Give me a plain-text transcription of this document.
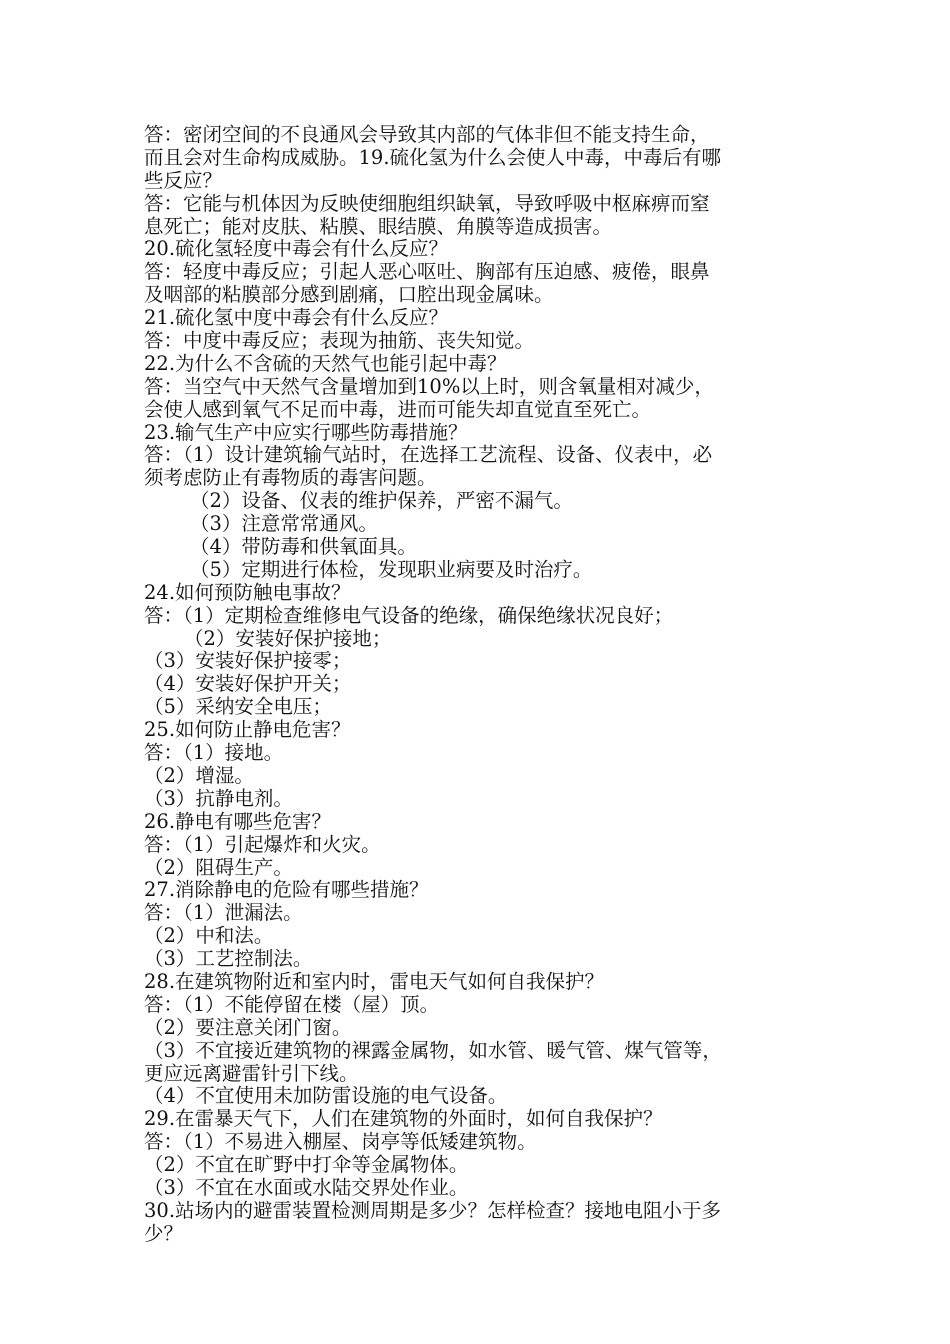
答：密闭空间的不良通风会导致其内部的气体非但不能支持生命，
而且会对生命构成威胁。19.硫化氢为什么会使人中毒，中毒后有哪
些反应？
答：它能与机体因为反映使细胞组织缺氧，导致呼吸中枢麻痹而窒
息死亡；能对皮肤、粘膜、眼结膜、角膜等造成损害。
20.硫化氢轻度中毒会有什么反应？
答：轻度中毒反应；引起人恶心呕吐、胸部有压迫感、疲倦，眼鼻
及咽部的粘膜部分感到剧痛，口腔出现金属味。
21.硫化氢中度中毒会有什么反应？
答：中度中毒反应；表现为抽筋、丧失知觉。
22.为什么不含硫的天然气也能引起中毒？
答：当空气中天然气含量增加到10%以上时，则含氧量相对减少，
会使人感到氧气不足而中毒，进而可能失却直觉直至死亡。
23.输气生产中应实行哪些防毒措施？
答：（1）设计建筑输气站时，在选择工艺流程、设备、仪表中，必
须考虑防止有毒物质的毒害问题。
（2）设备、仪表的维护保养，严密不漏气。
（3）注意常常通风。
（4）带防毒和供氧面具。
（5）定期进行体检，发现职业病要及时治疗。
24.如何预防触电事故？
答：（1）定期检查维修电气设备的绝缘，确保绝缘状况良好；
（2）安装好保护接地；
（3）安装好保护接零；
（4）安装好保护开关；
（5）采纳安全电压；
25.如何防止静电危害？
答：（1）接地。
（2）增湿。
（3）抗静电剂。
26.静电有哪些危害？
答：（1）引起爆炸和火灾。
（2）阻碍生产。
27.消除静电的危险有哪些措施？
答：（1）泄漏法。
（2）中和法。
（3）工艺控制法。
28.在建筑物附近和室内时，雷电天气如何自我保护？
答：（1）不能停留在楼（屋）顶。
（2）要注意关闭门窗。
（3）不宜接近建筑物的裸露金属物，如水管、暖气管、煤气管等，
更应远离避雷针引下线。
（4）不宜使用未加防雷设施的电气设备。
29.在雷暴天气下，人们在建筑物的外面时，如何自我保护？
答：（1）不易进入棚屋、岗亭等低矮建筑物。
（2）不宜在旷野中打伞等金属物体。
（3）不宜在水面或水陆交界处作业。
30.站场内的避雷装置检测周期是多少？怎样检查？接地电阻小于多
少？
